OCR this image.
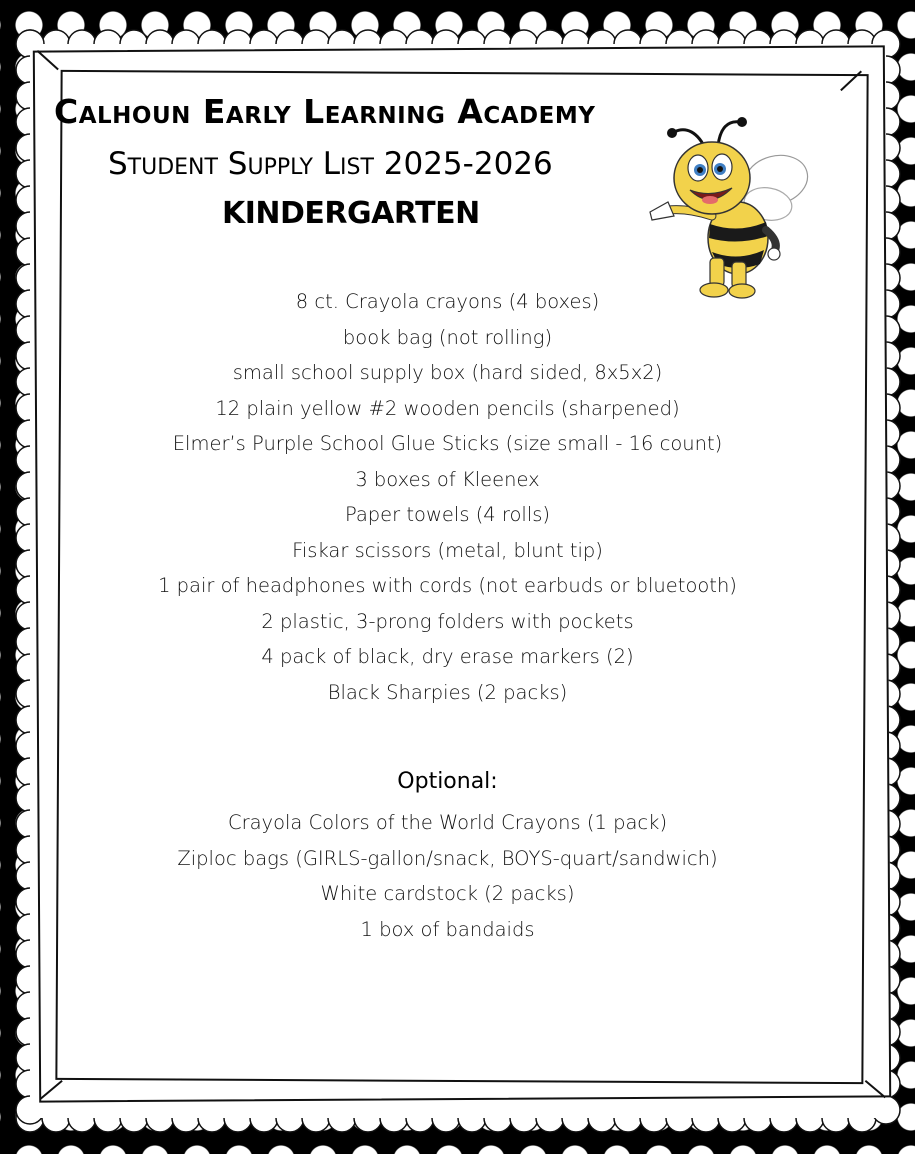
Calhoun Early Learning Academy
Student Supply List 2025-2026
KINDERGARTEN
8 ct. Crayola crayons (4 boxes)
book bag (not rolling)
small school supply box (hard sided, 8x5x2)
12 plain yellow #2 wooden pencils (sharpened)
Elmer’s Purple School Glue Sticks (size small - 16 count)
3 boxes of Kleenex
Paper towels (4 rolls)
Fiskar scissors (metal, blunt tip)
1 pair of headphones with cords (not earbuds or bluetooth)
2 plastic, 3-prong folders with pockets
4 pack of black, dry erase markers (2)
Black Sharpies (2 packs)
Optional:
Crayola Colors of the World Crayons (1 pack)
Ziploc bags (GIRLS-gallon/snack, BOYS-quart/sandwich)
White cardstock (2 packs)
1 box of bandaids
